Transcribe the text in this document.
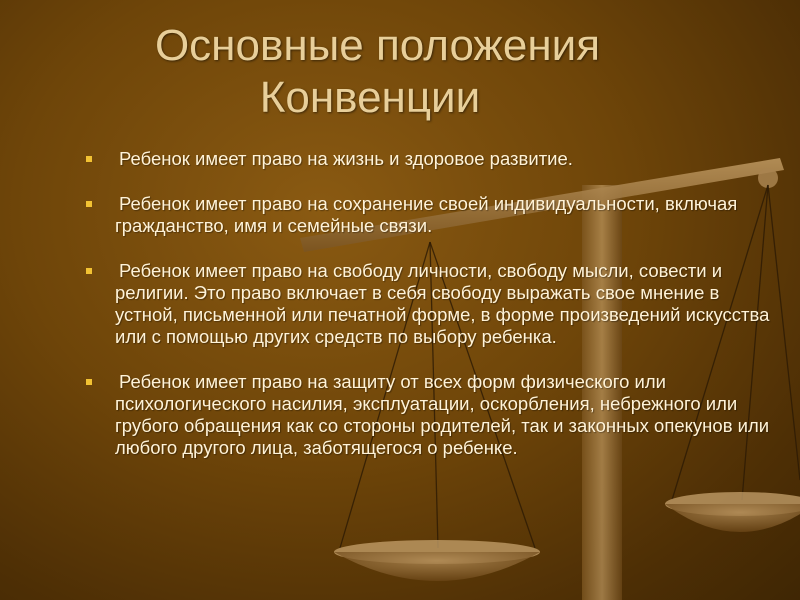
Основные положения
Конвенции
Ребенок имеет право на жизнь и здоровое развитие.
Ребенок имеет право на сохранение своей индивидуальности, включая гражданство, имя и семейные связи.
Ребенок имеет право на свободу личности, свободу мысли, совести и религии. Это право включает в себя свободу выражать свое мнение в устной, письменной или печатной форме, в форме произведений искусства или с помощью других средств по выбору ребенка.
Ребенок имеет право на защиту от всех форм физического или психологического насилия, эксплуатации, оскорбления, небрежного или грубого обращения как со стороны родителей, так и законных опекунов или любого другого лица, заботящегося о ребенке.
